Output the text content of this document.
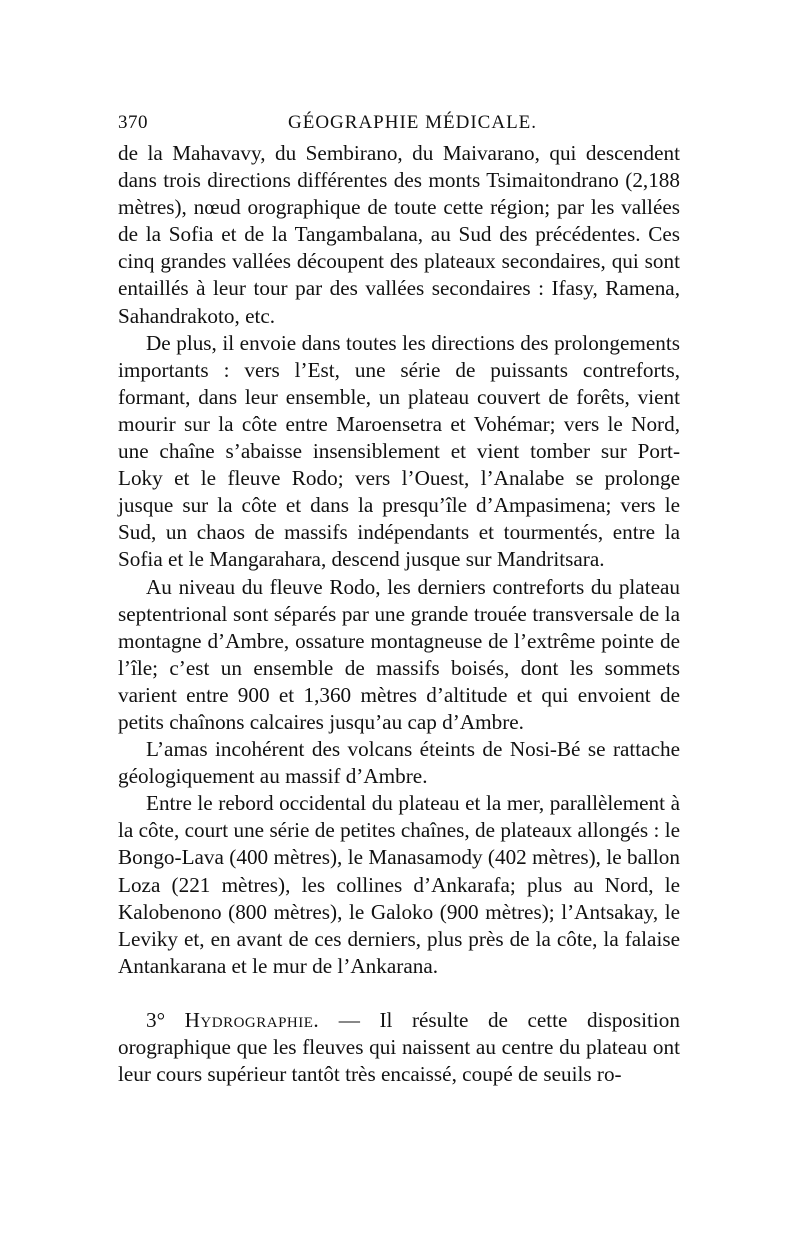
370	GÉOGRAPHIE MÉDICALE.

de la Mahavavy, du Sembirano, du Maivarano, qui descendent dans trois directions différentes des monts Tsimaitondrano (2,188 mètres), nœud orographique de toute cette région; par les vallées de la Sofia et de la Tangambalana, au Sud des précédentes. Ces cinq grandes vallées découpent des plateaux secondaires, qui sont entaillés à leur tour par des vallées secondaires : Ifasy, Ramena, Sahandrakoto, etc.

De plus, il envoie dans toutes les directions des prolongements importants : vers l’Est, une série de puissants contreforts, formant, dans leur ensemble, un plateau couvert de forêts, vient mourir sur la côte entre Maroensetra et Vohémar; vers le Nord, une chaîne s’abaisse insensiblement et vient tomber sur Port-Loky et le fleuve Rodo; vers l’Ouest, l’Analabe se prolonge jusque sur la côte et dans la presqu’île d’Ampasimena; vers le Sud, un chaos de massifs indépendants et tourmentés, entre la Sofia et le Mangarahara, descend jusque sur Mandritsara.

Au niveau du fleuve Rodo, les derniers contreforts du plateau septentrional sont séparés par une grande trouée transversale de la montagne d’Ambre, ossature montagneuse de l’extrême pointe de l’île; c’est un ensemble de massifs boisés, dont les sommets varient entre 900 et 1,360 mètres d’altitude et qui envoient de petits chaînons calcaires jusqu’au cap d’Ambre.

L’amas incohérent des volcans éteints de Nosi-Bé se rattache géologiquement au massif d’Ambre.

Entre le rebord occidental du plateau et la mer, parallèlement à la côte, court une série de petites chaînes, de plateaux allongés : le Bongo-Lava (400 mètres), le Manasamody (402 mètres), le ballon Loza (221 mètres), les collines d’Ankarafa; plus au Nord, le Kalobenono (800 mètres), le Galoko (900 mètres); l’Antsakay, le Leviky et, en avant de ces derniers, plus près de la côte, la falaise Antankarana et le mur de l’Ankarana.

3° Hydrographie. — Il résulte de cette disposition orographique que les fleuves qui naissent au centre du plateau ont leur cours supérieur tantôt très encaissé, coupé de seuils ro-
